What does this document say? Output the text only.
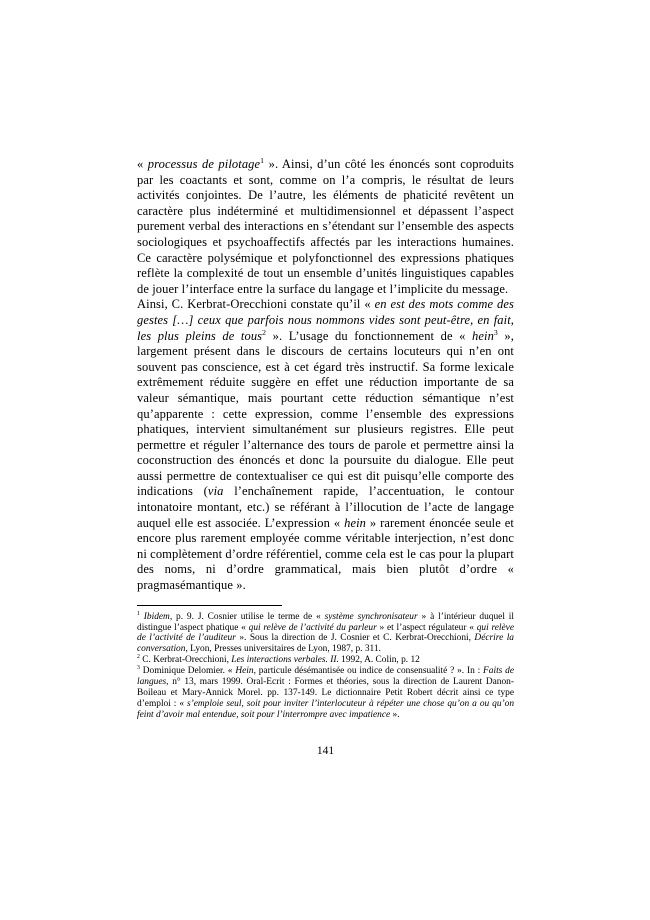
« processus de pilotage$^1$ ». Ainsi, d’un côté les énoncés sont coproduits par les coactants et sont, comme on l’a compris, le résultat de leurs activités conjointes. De l’autre, les éléments de phaticité revêtent un caractère plus indéterminé et multidimensionnel et dépassent l’aspect purement verbal des interactions en s’étendant sur l’ensemble des aspects sociologiques et psychoaffectifs affectés par les interactions humaines. Ce caractère polysémique et polyfonctionnel des expressions phatiques reflète la complexité de tout un ensemble d’unités linguistiques capables de jouer l’interface entre la surface du langage et l’implicite du message.

Ainsi, C. Kerbrat-Orecchioni constate qu’il « en est des mots comme des gestes […] ceux que parfois nous nommons vides sont peut-être, en fait, les plus pleins de tous$^2$ ». L’usage du fonctionnement de « hein$^3$ », largement présent dans le discours de certains locuteurs qui n’en ont souvent pas conscience, est à cet égard très instructif. Sa forme lexicale extrêmement réduite suggère en effet une réduction importante de sa valeur sémantique, mais pourtant cette réduction sémantique n’est qu’apparente : cette expression, comme l’ensemble des expressions phatiques, intervient simultanément sur plusieurs registres. Elle peut permettre et réguler l’alternance des tours de parole et permettre ainsi la coconstruction des énoncés et donc la poursuite du dialogue. Elle peut aussi permettre de contextualiser ce qui est dit puisqu’elle comporte des indications (via l’enchaînement rapide, l’accentuation, le contour intonatoire montant, etc.) se référant à l’illocution de l’acte de langage auquel elle est associée. L’expression « hein » rarement énoncée seule et encore plus rarement employée comme véritable interjection, n’est donc ni complètement d’ordre référentiel, comme cela est le cas pour la plupart des noms, ni d’ordre grammatical, mais bien plutôt d’ordre « pragmasémantique ».

$^1$ Ibidem, p. 9. J. Cosnier utilise le terme de « système synchronisateur » à l’intérieur duquel il distingue l’aspect phatique « qui relève de l’activité du parleur » et l’aspect régulateur « qui relève de l’activité de l’auditeur ». Sous la direction de J. Cosnier et C. Kerbrat-Orecchioni, Décrire la conversation, Lyon, Presses universitaires de Lyon, 1987, p. 311.

$^2$ C. Kerbrat-Orecchioni, Les interactions verbales. II. 1992, A. Colin, p. 12

$^3$ Dominique Delomier. « Hein, particule désémantisée ou indice de consensualité ? ». In : Faits de langues, n° 13, mars 1999. Oral-Ecrit : Formes et théories, sous la direction de Laurent Danon-Boileau et Mary-Annick Morel. pp. 137-149. Le dictionnaire Petit Robert décrit ainsi ce type d’emploi : « s’emploie seul, soit pour inviter l’interlocuteur à répéter une chose qu’on a ou qu’on feint d’avoir mal entendue, soit pour l’interrompre avec impatience ».

141
